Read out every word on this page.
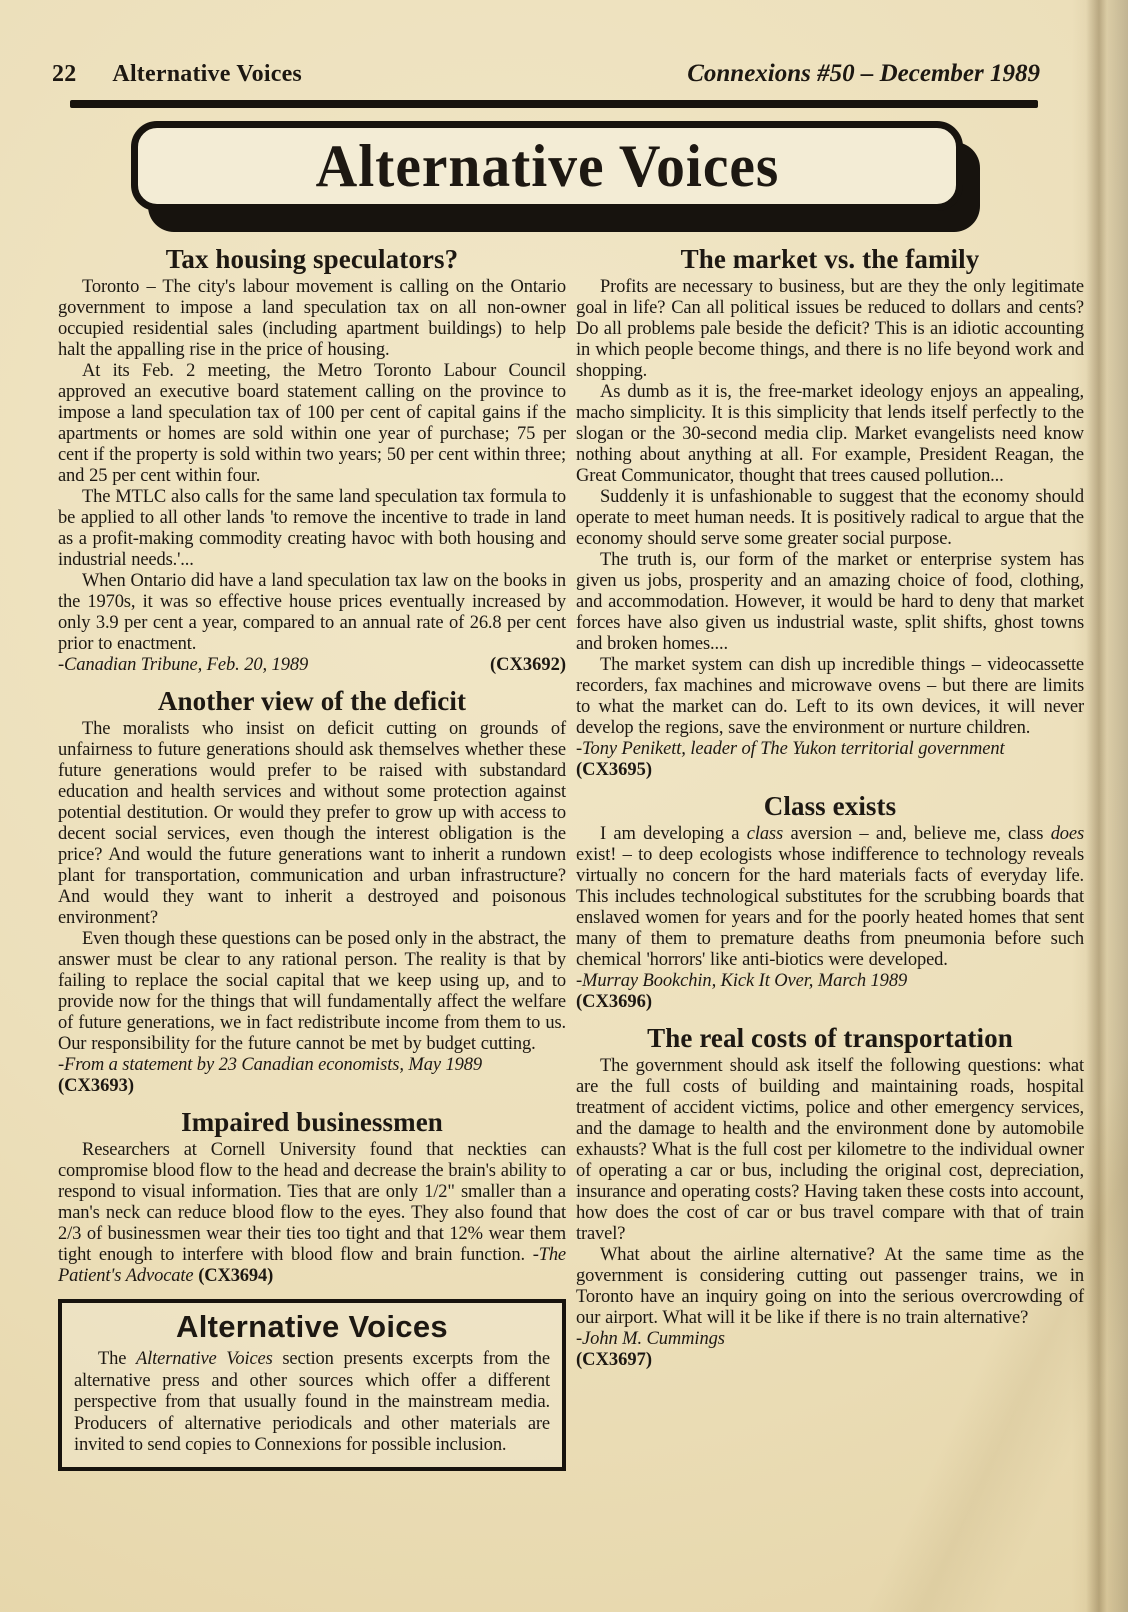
22 Alternative Voices	Connexions #50 – December 1989
Alternative Voices
Tax housing speculators?

Toronto – The city's labour movement is calling on the Ontario government to impose a land speculation tax on all non-owner occupied residential sales (including apartment buildings) to help halt the appalling rise in the price of housing.

At its Feb. 2 meeting, the Metro Toronto Labour Council approved an executive board statement calling on the province to impose a land speculation tax of 100 per cent of capital gains if the apartments or homes are sold within one year of purchase; 75 per cent if the property is sold within two years; 50 per cent within three; and 25 per cent within four.

The MTLC also calls for the same land speculation tax formula to be applied to all other lands 'to remove the incentive to trade in land as a profit-making commodity creating havoc with both housing and industrial needs.'...

When Ontario did have a land speculation tax law on the books in the 1970s, it was so effective house prices eventually increased by only 3.9 per cent a year, compared to an annual rate of 26.8 per cent prior to enactment.

-Canadian Tribune, Feb. 20, 1989	(CX3692)
Another view of the deficit

The moralists who insist on deficit cutting on grounds of unfairness to future generations should ask themselves whether these future generations would prefer to be raised with substandard education and health services and without some protection against potential destitution. Or would they prefer to grow up with access to decent social services, even though the interest obligation is the price? And would the future generations want to inherit a rundown plant for transportation, communication and urban infrastructure? And would they want to inherit a destroyed and poisonous environment?

Even though these questions can be posed only in the abstract, the answer must be clear to any rational person. The reality is that by failing to replace the social capital that we keep using up, and to provide now for the things that will fundamentally affect the welfare of future generations, we in fact redistribute income from them to us. Our responsibility for the future cannot be met by budget cutting.

-From a statement by 23 Canadian economists, May 1989
(CX3693)
Impaired businessmen

Researchers at Cornell University found that neckties can compromise blood flow to the head and decrease the brain's ability to respond to visual information. Ties that are only 1/2" smaller than a man's neck can reduce blood flow to the eyes. They also found that 2/3 of businessmen wear their ties too tight and that 12% wear them tight enough to interfere with blood flow and brain function. -The Patient's Advocate (CX3694)

Alternative Voices

The Alternative Voices section presents excerpts from the alternative press and other sources which offer a different perspective from that usually found in the mainstream media. Producers of alternative periodicals and other materials are invited to send copies to Connexions for possible inclusion.

The market vs. the family

Profits are necessary to business, but are they the only legitimate goal in life? Can all political issues be reduced to dollars and cents? Do all problems pale beside the deficit? This is an idiotic accounting in which people become things, and there is no life beyond work and shopping.

As dumb as it is, the free-market ideology enjoys an appealing, macho simplicity. It is this simplicity that lends itself perfectly to the slogan or the 30-second media clip. Market evangelists need know nothing about anything at all. For example, President Reagan, the Great Communicator, thought that trees caused pollution...

Suddenly it is unfashionable to suggest that the economy should operate to meet human needs. It is positively radical to argue that the economy should serve some greater social purpose.

The truth is, our form of the market or enterprise system has given us jobs, prosperity and an amazing choice of food, clothing, and accommodation. However, it would be hard to deny that market forces have also given us industrial waste, split shifts, ghost towns and broken homes....

The market system can dish up incredible things – videocassette recorders, fax machines and microwave ovens – but there are limits to what the market can do. Left to its own devices, it will never develop the regions, save the environment or nurture children.

-Tony Penikett, leader of The Yukon territorial government
(CX3695)
Class exists

I am developing a class aversion – and, believe me, class does exist! – to deep ecologists whose indifference to technology reveals virtually no concern for the hard materials facts of everyday life. This includes technological substitutes for the scrubbing boards that enslaved women for years and for the poorly heated homes that sent many of them to premature deaths from pneumonia before such chemical 'horrors' like anti-biotics were developed.

-Murray Bookchin, Kick It Over, March 1989
(CX3696)
The real costs of transportation

The government should ask itself the following questions: what are the full costs of building and maintaining roads, hospital treatment of accident victims, police and other emergency services, and the damage to health and the environment done by automobile exhausts? What is the full cost per kilometre to the individual owner of operating a car or bus, including the original cost, depreciation, insurance and operating costs? Having taken these costs into account, how does the cost of car or bus travel compare with that of train travel?

What about the airline alternative? At the same time as the government is considering cutting out passenger trains, we in Toronto have an inquiry going on into the serious overcrowding of our airport. What will it be like if there is no train alternative?

-John M. Cummings
(CX3697)
